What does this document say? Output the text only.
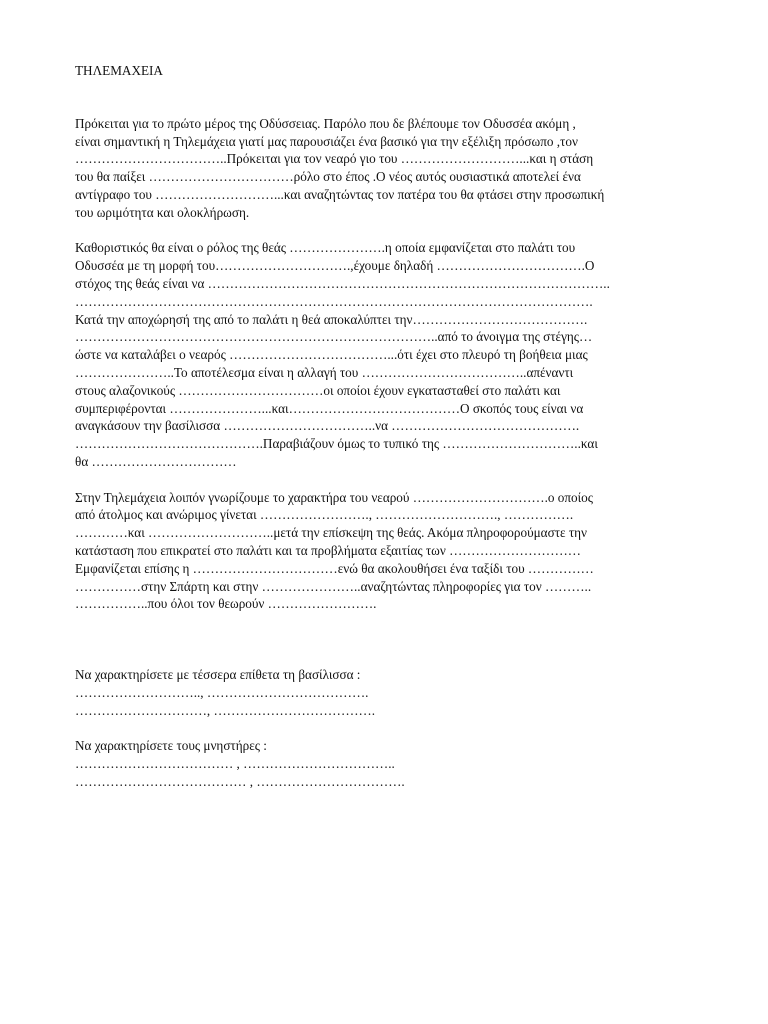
ΤΗΛΕΜΑΧΕΙΑ
Πρόκειται για το πρώτο μέρος της Οδύσσειας. Παρόλο που δε βλέπουμε τον Οδυσσέα ακόμη ,
είναι σημαντική η Τηλεμάχεια γιατί μας παρουσιάζει ένα βασικό για την εξέλιξη πρόσωπο ,τον
……………………………..Πρόκειται για τον νεαρό γιο του ………………………...και η στάση
του θα παίξει ……………………………ρόλο στο έπος .Ο νέος αυτός ουσιαστικά αποτελεί ένα
αντίγραφο του ………………………...και αναζητώντας τον πατέρα του θα φτάσει στην προσωπική
του ωριμότητα και ολοκλήρωση.
Καθοριστικός θα είναι ο ρόλος της θεάς ………………….η οποία εμφανίζεται στο παλάτι του
Οδυσσέα με τη μορφή του………………………….,έχουμε δηλαδή …………………………….Ο
στόχος της θεάς είναι να ………………………………………………………………………………..
……………………………………………………………………………………………………….
Κατά την αποχώρησή της από το παλάτι η θεά αποκαλύπτει την………………………………….
………………………………………………………………………..από το άνοιγμα της στέγης…
ώστε να καταλάβει ο νεαρός ………………………………...ότι έχει στο πλευρό τη βοήθεια μιας
…………………..Το αποτέλεσμα είναι η αλλαγή του ………………………………..απέναντι
στους αλαζονικούς ……………………………οι οποίοι έχουν εγκατασταθεί στο παλάτι και
συμπεριφέρονται …………………...και…………………………………Ο σκοπός τους είναι να
αναγκάσουν την βασίλισσα ……………………………..να …………………………………….
…………………………………….Παραβιάζουν όμως το τυπικό της …………………………..και
θα ……………………………
Στην Τηλεμάχεια λοιπόν γνωρίζουμε το χαρακτήρα του νεαρού ………………………….ο οποίος
από άτολμος και ανώριμος γίνεται ……………………., ………………………., …………….
…………και ………………………..μετά την επίσκεψη της θεάς. Ακόμα πληροφορούμαστε την
κατάσταση που επικρατεί στο παλάτι και τα προβλήματα εξαιτίας των …………………………
Εμφανίζεται επίσης η ……………………………ενώ θα ακολουθήσει ένα ταξίδι του ……………
……………στην Σπάρτη και στην …………………..αναζητώντας πληροφορίες για τον ………..
……………..που όλοι τον θεωρούν …………………….
Να χαρακτηρίσετε με τέσσερα επίθετα τη βασίλισσα :
……………………….., ……………………………….
…………………………, ……………………………….
Να χαρακτηρίσετε τους μνηστήρες :
……………………………… , ……………………………..
………………………………… , …………………………….
